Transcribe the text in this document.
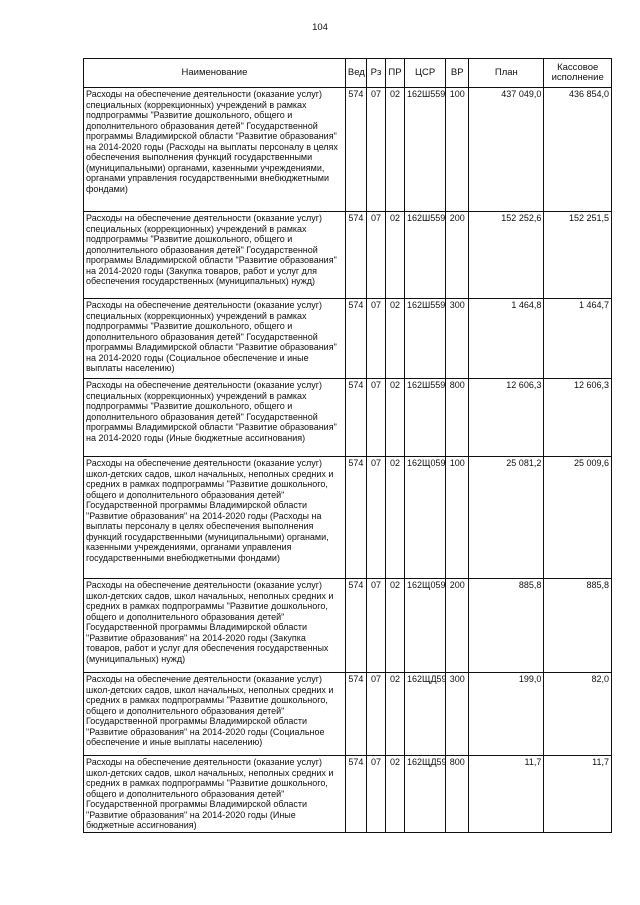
104
Наименование	Вед	Рз	ПР	ЦСР	ВР	План	Кассовое исполнение
Расходы на обеспечение деятельности (оказание услуг) специальных (коррекционных) учреждений в рамках подпрограммы "Развитие дошкольного, общего и дополнительного образования детей" Государственной программы Владимирской области "Развитие образования" на 2014-2020 годы (Расходы на выплаты персоналу в целях обеспечения выполнения функций государственными (муниципальными) органами, казенными учреждениями, органами управления государственными внебюджетными фондами)	574	07	02	162Ш559	100	437 049,0	436 854,0
Расходы на обеспечение деятельности (оказание услуг) специальных (коррекционных) учреждений в рамках подпрограммы "Развитие дошкольного, общего и дополнительного образования детей" Государственной программы Владимирской области "Развитие образования" на 2014-2020 годы (Закупка товаров, работ и услуг для обеспечения государственных (муниципальных) нужд)	574	07	02	162Ш559	200	152 252,6	152 251,5
Расходы на обеспечение деятельности (оказание услуг) специальных (коррекционных) учреждений в рамках подпрограммы "Развитие дошкольного, общего и дополнительного образования детей" Государственной программы Владимирской области "Развитие образования" на 2014-2020 годы (Социальное обеспечение и иные выплаты населению)	574	07	02	162Ш559	300	1 464,8	1 464,7
Расходы на обеспечение деятельности (оказание услуг) специальных (коррекционных) учреждений в рамках подпрограммы "Развитие дошкольного, общего и дополнительного образования детей" Государственной программы Владимирской области "Развитие образования" на 2014-2020 годы (Иные бюджетные ассигнования)	574	07	02	162Ш559	800	12 606,3	12 606,3
Расходы на обеспечение деятельности (оказание услуг) школ-детских садов, школ начальных, неполных средних и средних в рамках подпрограммы "Развитие дошкольного, общего и дополнительного образования детей" Государственной программы Владимирской области "Развитие образования" на 2014-2020 годы (Расходы на выплаты персоналу в целях обеспечения выполнения функций государственными (муниципальными) органами, казенными учреждениями, органами управления государственными внебюджетными фондами)	574	07	02	162Щ059	100	25 081,2	25 009,6
Расходы на обеспечение деятельности (оказание услуг) школ-детских садов, школ начальных, неполных средних и средних в рамках подпрограммы "Развитие дошкольного, общего и дополнительного образования детей" Государственной программы Владимирской области "Развитие образования" на 2014-2020 годы (Закупка товаров, работ и услуг для обеспечения государственных (муниципальных) нужд)	574	07	02	162Щ059	200	885,8	885,8
Расходы на обеспечение деятельности (оказание услуг) школ-детских садов, школ начальных, неполных средних и средних в рамках подпрограммы "Развитие дошкольного, общего и дополнительного образования детей" Государственной программы Владимирской области "Развитие образования" на 2014-2020 годы (Социальное обеспечение и иные выплаты населению)	574	07	02	162ЩД59	300	199,0	82,0
Расходы на обеспечение деятельности (оказание услуг) школ-детских садов, школ начальных, неполных средних и средних в рамках подпрограммы "Развитие дошкольного, общего и дополнительного образования детей" Государственной программы Владимирской области "Развитие образования" на 2014-2020 годы (Иные бюджетные ассигнования)	574	07	02	162ЩД59	800	11,7	11,7
